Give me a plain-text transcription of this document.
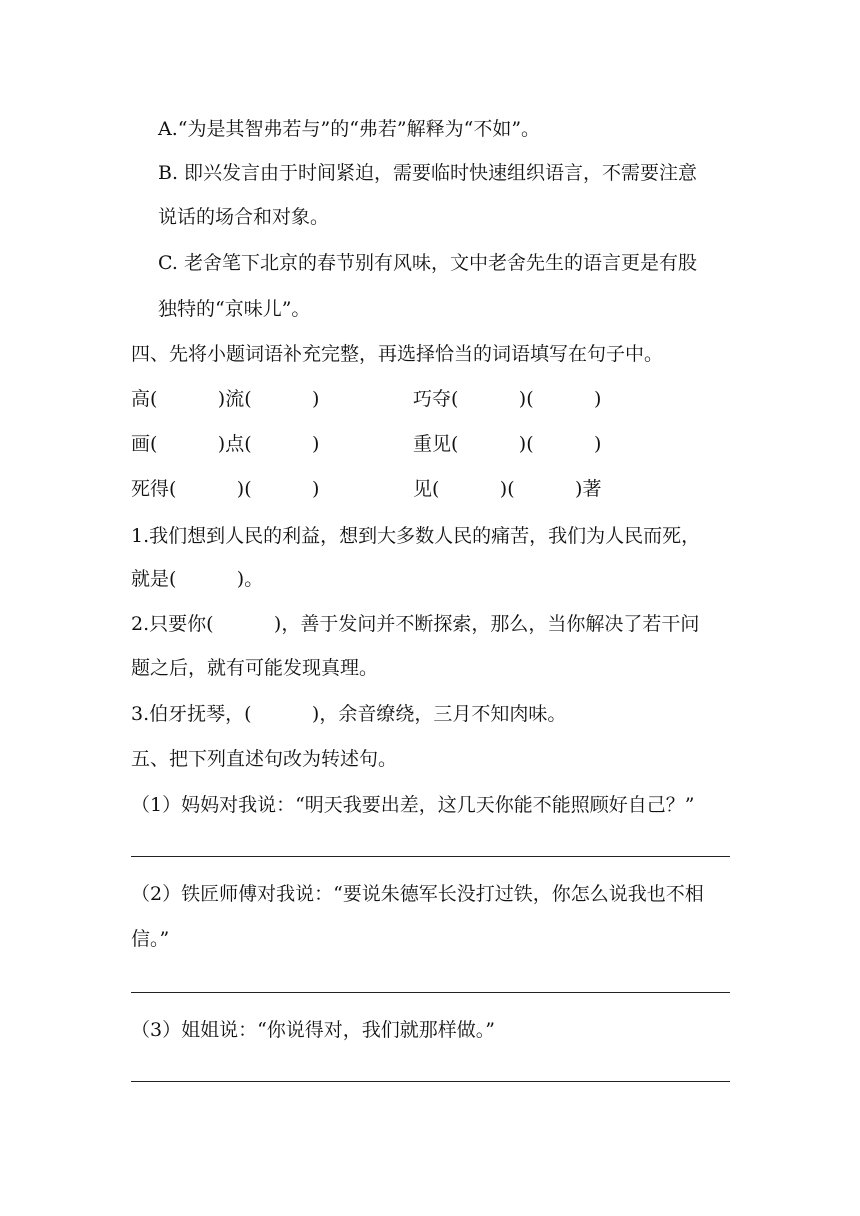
A.“为是其智弗若与”的“弗若”解释为“不如”。
B. 即兴发言由于时间紧迫，需要临时快速组织语言，不需要注意
说话的场合和对象。
C. 老舍笔下北京的春节别有风味，文中老舍先生的语言更是有股
独特的“京味儿”。
四、先将小题词语补充完整，再选择恰当的词语填写在句子中。
高(          )流(          )	巧夺(          )(          )
画(          )点(          )	重见(          )(          )
死得(          )(          )	见(          )(          )著
1.我们想到人民的利益，想到大多数人民的痛苦，我们为人民而死，
就是(          )。
2.只要你(          )，善于发问并不断探索，那么，当你解决了若干问
题之后，就有可能发现真理。
3.伯牙抚琴，(          )，余音缭绕，三月不知肉味。
五、把下列直述句改为转述句。
（1）妈妈对我说：“明天我要出差，这几天你能不能照顾好自己？”
（2）铁匠师傅对我说：“要说朱德军长没打过铁，你怎么说我也不相
信。”
（3）姐姐说：“你说得对，我们就那样做。”
